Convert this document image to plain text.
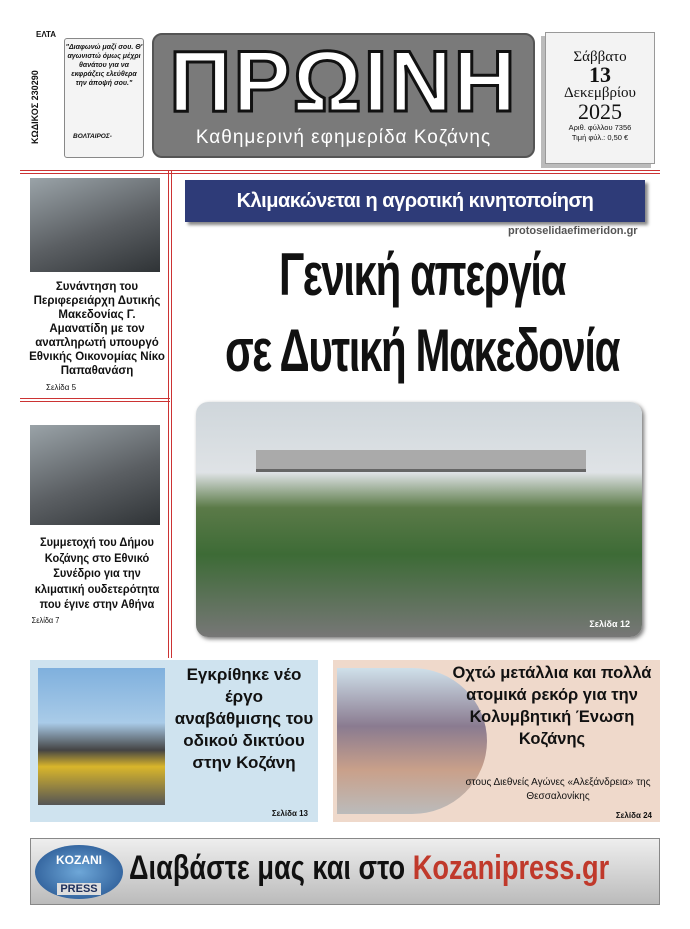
ΚΩΔΙΚΟΣ 230290
ΕΛΤΑ
"Διαφωνώ μαζί σου. Θ' αγωνιστώ όμως μέχρι θανάτου για να εκφράζεις ελεύθερα την άποψή σου."
ΒΟΛΤΑΙΡΟΣ-
ΠΡΩΙΝΗ
Καθημερινή εφημερίδα Κοζάνης
Σάββατο
13
Δεκεμβρίου
2025
Αριθ. φύλλου 7356
Τιμή φύλ.: 0,50 €
Συνάντηση του Περιφερειάρχη Δυτικής Μακεδονίας Γ. Αμανατίδη με τον αναπληρωτή υπουργό Εθνικής Οικονομίας Νίκο Παπαθανάση
Σελίδα 5
Συμμετοχή του Δήμου Κοζάνης στο Εθνικό Συνέδριο για την κλιματική ουδετερότητα που έγινε στην Αθήνα
Σελίδα 7
Κλιμακώνεται η αγροτική κινητοποίηση
protoselidaefimeridon.gr
Γενική απεργία
σε Δυτική Μακεδονία
Σελίδα 12
Εγκρίθηκε νέο έργο αναβάθμισης του οδικού δικτύου στην Κοζάνη
Σελίδα 13
Οχτώ μετάλλια και πολλά ατομικά ρεκόρ για την Κολυμβητική Ένωση Κοζάνης
στους Διεθνείς Αγώνες «Αλεξάνδρεια» της Θεσσαλονίκης
Σελίδα 24
KOZANI
PRESS
Διαβάστε μας και στο Kozanipress.gr
